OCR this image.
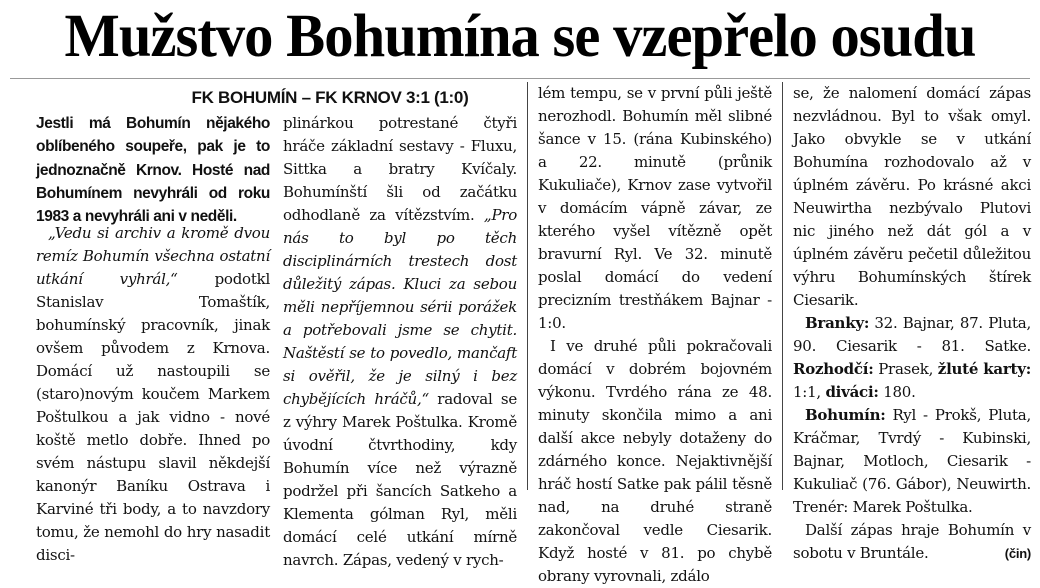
Mužstvo Bohumína se vzepřelo osudu
FK BOHUMÍN – FK KRNOV 3:1 (1:0)
Jestli má Bohumín nějakého oblíbeného soupeře, pak je to jednoznačně Krnov. Hosté nad Bohumínem nevyhráli od roku 1983 a nevyhráli ani v neděli.

„Vedu si archiv a kromě dvou remíz Bohumín všechna ostatní utkání vyhrál,“ podotkl Stanislav Tomaštík, bohumínský pracovník, jinak ovšem původem z Krnova. Domácí už nastoupili se (staro)novým koučem Markem Poštulkou a jak vidno - nové koště metlo dobře. Ihned po svém nástupu slavil někdejší kanonýr Baníku Ostrava i Karviné tři body, a to navzdory tomu, že nemohl do hry nasadit disci-

plinárkou potrestané čtyři hráče základní sestavy - Fluxu, Sittka a bratry Kvíčaly. Bohumínští šli od začátku odhodlaně za vítězstvím. „Pro nás to byl po těch disciplinárních trestech dost důležitý zápas. Kluci za sebou měli nepříjemnou sérii porážek a potřebovali jsme se chytit. Naštěstí se to povedlo, mančaft si ověřil, že je silný i bez chybějících hráčů,“ radoval se z výhry Marek Poštulka. Kromě úvodní čtvrthodiny, kdy Bohumín více než výrazně podržel při šancích Satkeho a Klementa gólman Ryl, měli domácí celé utkání mírně navrch. Zápas, vedený v rych-

lém tempu, se v první půli ještě nerozhodl. Bohumín měl slibné šance v 15. (rána Kubinského) a 22. minutě (průnik Kukuliače), Krnov zase vytvořil v domácím vápně závar, ze kterého vyšel vítězně opět bravurní Ryl. Ve 32. minutě poslal domácí do vedení precizním trestňákem Bajnar - 1:0.

I ve druhé půli pokračovali domácí v dobrém bojovném výkonu. Tvrdého rána ze 48. minuty skončila mimo a ani další akce nebyly dotaženy do zdárného konce. Nejaktivnější hráč hostí Satke pak pálil těsně nad, na druhé straně zakončoval vedle Ciesarik. Když hosté v 81. po chybě obrany vyrovnali, zdálo

se, že nalomení domácí zápas nezvládnou. Byl to však omyl. Jako obvykle se v utkání Bohumína rozhodovalo až v úplném závěru. Po krásné akci Neuwirtha nezbývalo Plutovi nic jiného než dát gól a v úplném závěru pečetil důležitou výhru Bohumínských štírek Ciesarik.

Branky: 32. Bajnar, 87. Pluta, 90. Ciesarik - 81. Satke. Rozhodčí: Prasek, žluté karty: 1:1, diváci: 180.

Bohumín: Ryl - Prokš, Pluta, Kráčmar, Tvrdý - Kubinski, Bajnar, Motloch, Ciesarik - Kukuliač (76. Gábor), Neuwirth. Trenér: Marek Poštulka.

Další zápas hraje Bohumín v sobotu v Bruntále.	(čin)
